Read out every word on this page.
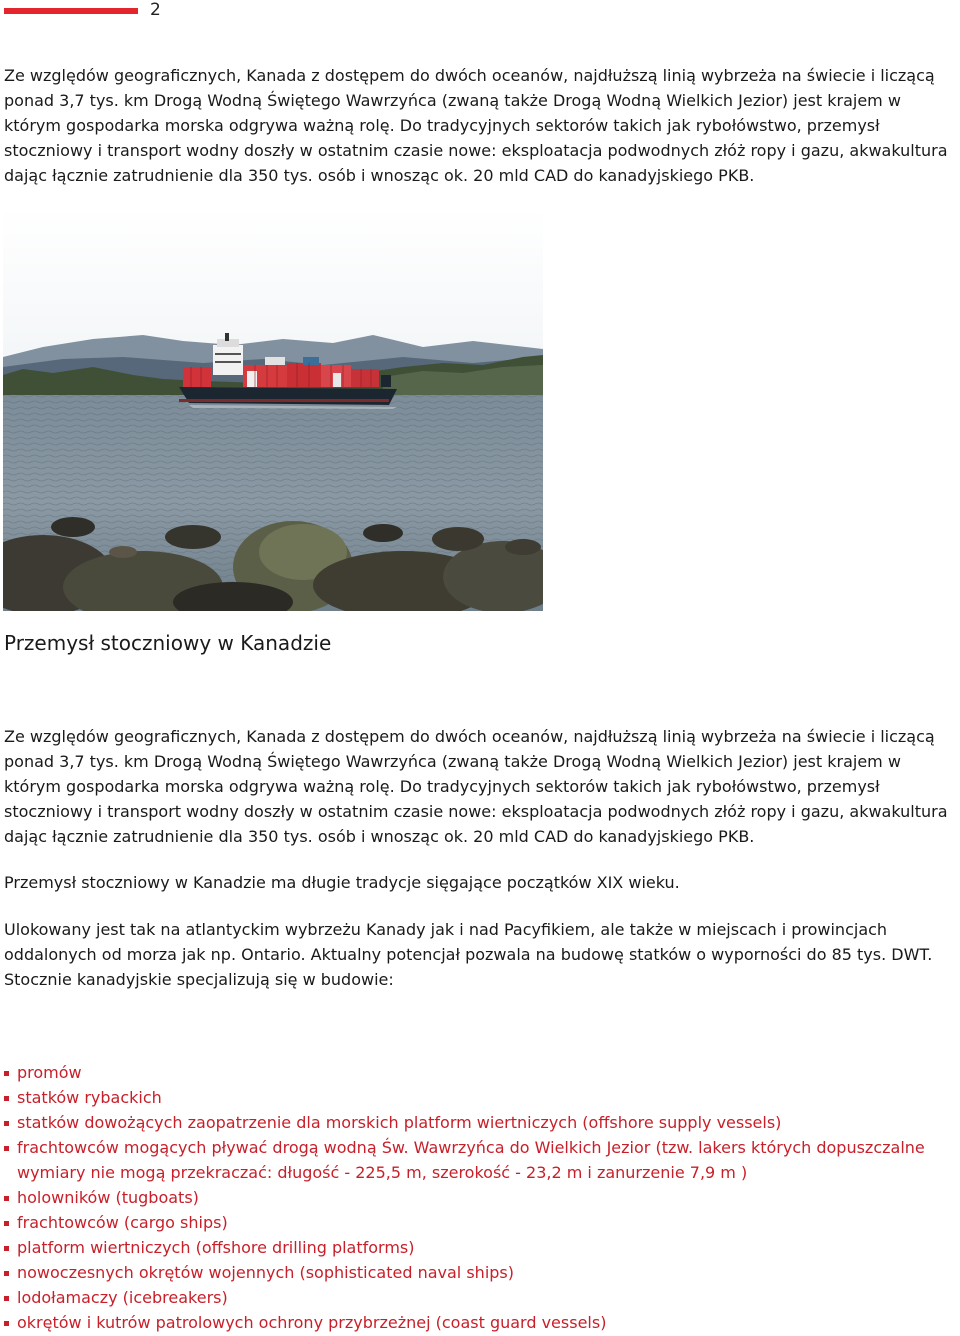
2

Ze względów geograficznych, Kanada z dostępem do dwóch oceanów, najdłuższą linią wybrzeża na świecie i liczącą ponad 3,7 tys. km Drogą Wodną Świętego Wawrzyńca (zwaną także Drogą Wodną Wielkich Jezior) jest krajem w którym gospodarka morska odgrywa ważną rolę. Do tradycyjnych sektorów takich jak rybołówstwo, przemysł stoczniowy i transport wodny doszły w ostatnim czasie nowe: eksploatacja podwodnych złóż ropy i gazu, akwakultura dając łącznie zatrudnienie dla 350 tys. osób i wnosząc ok. 20 mld CAD do kanadyjskiego PKB.

Przemysł stoczniowy w Kanadzie

Ze względów geograficznych, Kanada z dostępem do dwóch oceanów, najdłuższą linią wybrzeża na świecie i liczącą ponad 3,7 tys. km Drogą Wodną Świętego Wawrzyńca (zwaną także Drogą Wodną Wielkich Jezior) jest krajem w którym gospodarka morska odgrywa ważną rolę. Do tradycyjnych sektorów takich jak rybołówstwo, przemysł stoczniowy i transport wodny doszły w ostatnim czasie nowe: eksploatacja podwodnych złóż ropy i gazu, akwakultura dając łącznie zatrudnienie dla 350 tys. osób i wnosząc ok. 20 mld CAD do kanadyjskiego PKB.

Przemysł stoczniowy w Kanadzie ma długie tradycje sięgające początków XIX wieku.

Ulokowany jest tak na atlantyckim wybrzeżu Kanady jak i nad Pacyfikiem, ale także w miejscach i prowincjach oddalonych od morza jak np. Ontario. Aktualny potencjał pozwala na budowę statków o wyporności do 85 tys. DWT. Stocznie kanadyjskie specjalizują się w budowie:

promów
statków rybackich
statków dowożących zaopatrzenie dla morskich platform wiertniczych (offshore supply vessels)
frachtowców mogących pływać drogą wodną Św. Wawrzyńca do Wielkich Jezior (tzw. lakers których dopuszczalne wymiary nie mogą przekraczać: długość - 225,5 m, szerokość - 23,2 m i zanurzenie 7,9 m )
holowników (tugboats)
frachtowców (cargo ships)
platform wiertniczych (offshore drilling platforms)
nowoczesnych okrętów wojennych (sophisticated naval ships)
lodołamaczy (icebreakers)
okrętów i kutrów patrolowych ochrony przybrzeżnej (coast guard vessels)
